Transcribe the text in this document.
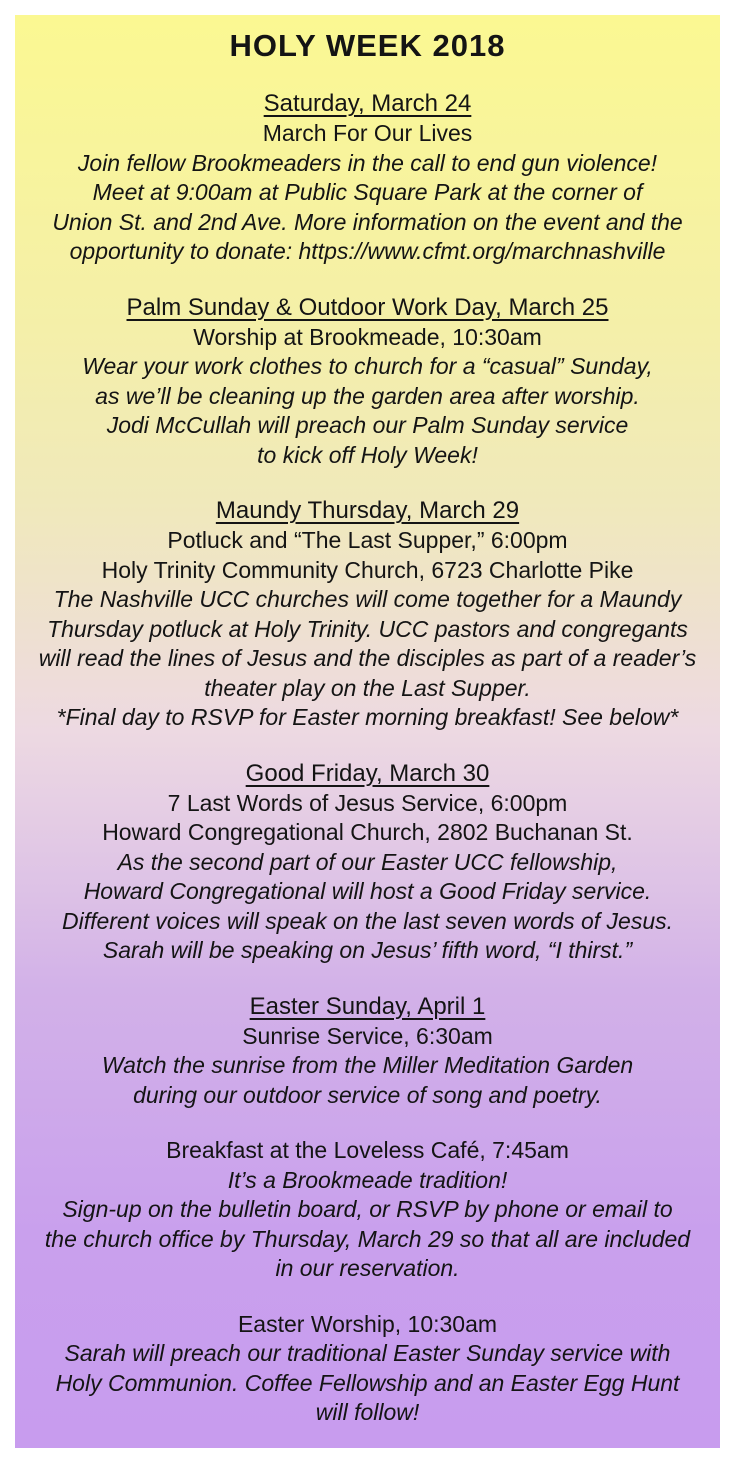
HOLY WEEK 2018
Saturday, March 24
March For Our Lives
Join fellow Brookmeaders in the call to end gun violence!
Meet at 9:00am at Public Square Park at the corner of
Union St. and 2nd Ave. More information on the event and the
opportunity to donate: https://www.cfmt.org/marchnashville
Palm Sunday & Outdoor Work Day, March 25
Worship at Brookmeade, 10:30am
Wear your work clothes to church for a “casual” Sunday,
as we’ll be cleaning up the garden area after worship.
Jodi McCullah will preach our Palm Sunday service
to kick off Holy Week!
Maundy Thursday, March 29
Potluck and “The Last Supper,” 6:00pm
Holy Trinity Community Church, 6723 Charlotte Pike
The Nashville UCC churches will come together for a Maundy
Thursday potluck at Holy Trinity. UCC pastors and congregants
will read the lines of Jesus and the disciples as part of a reader’s
theater play on the Last Supper.
*Final day to RSVP for Easter morning breakfast! See below*
Good Friday, March 30
7 Last Words of Jesus Service, 6:00pm
Howard Congregational Church, 2802 Buchanan St.
As the second part of our Easter UCC fellowship,
Howard Congregational will host a Good Friday service.
Different voices will speak on the last seven words of Jesus.
Sarah will be speaking on Jesus’ fifth word, “I thirst.”
Easter Sunday, April 1
Sunrise Service, 6:30am
Watch the sunrise from the Miller Meditation Garden
during our outdoor service of song and poetry.
Breakfast at the Loveless Café, 7:45am
It’s a Brookmeade tradition!
Sign-up on the bulletin board, or RSVP by phone or email to
the church office by Thursday, March 29 so that all are included
in our reservation.
Easter Worship, 10:30am
Sarah will preach our traditional Easter Sunday service with
Holy Communion. Coffee Fellowship and an Easter Egg Hunt
will follow!
